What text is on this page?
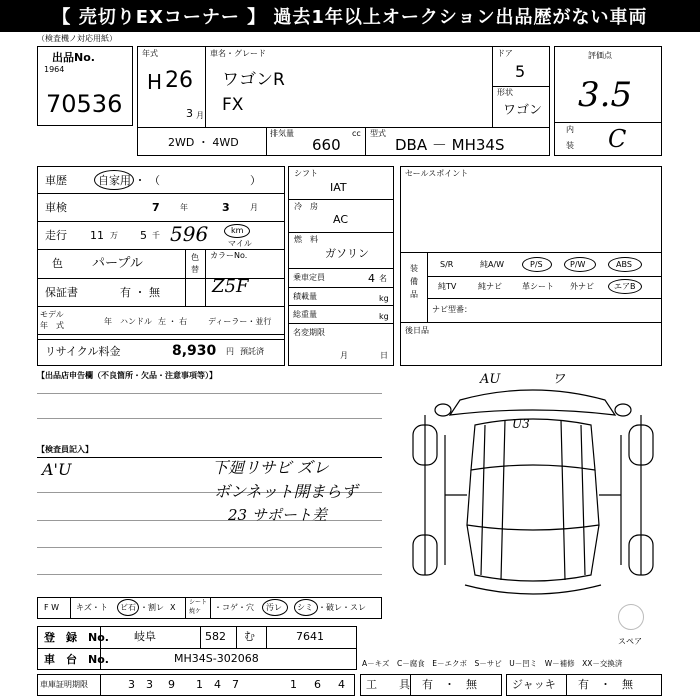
【 売切りEXコーナー 】 過去1年以上オークション出品歴がない車両
（検査機ノ対応用紙）
出品No.
1964
70536
年式
H 26
3 月
車名・グレード
ワゴンR
FX
ドア
5
形状
ワゴン
2WD ・ 4WD
排気量	cc
660
型式
DBA － MH34S
評価点
3.5
内
装 C
車歴	自家用 ・ （	）
車検	7	年	3	月
走行 11 万 5 千 596	km
マイル
色 パープル	色
替
カラーNo.
Z5F
保証書	有 ・ 無
モデル
年　式	年 ハンドル 左 ・ 右	ディーラー・並行
リサイクル料金	8,930 円 預託済
シフト
IAT
冷　房
AC
燃　料
ガソリン
乗車定員	4 名
積載量	kg
総重量	kg
名変期限
月	日
セールスポイント
装　備　品
S/R	純A/W	P/S	P/W	ABS
純TV	純ナビ	革シート 外ナビ	エアB
ナビ型番：
後日品
【出品店申告欄（不良箇所・欠品・注意事項等）】
【検査員記入】
A'U	下廻リサビ ズレ
ボンネット開まらず
23 サポート差
AU	ワ
U3
F W キズ・ト ビ石 ・割レ X
シート
焼ケ ・コゲ・穴 汚レ シミ ・破レ・スレ
スペア
登　録　No. 岐阜	582 む	7641
車　台　No.	MH34S-302068	A－キズ　C－腐食　E－エクボ　S－サビ　U－凹ミ　W－補修　XX－交換済
車庫証明期限	3 3 9 1 4 7	1 6 4 工　　具 有　・　無	ジャッキ 有　・　無
